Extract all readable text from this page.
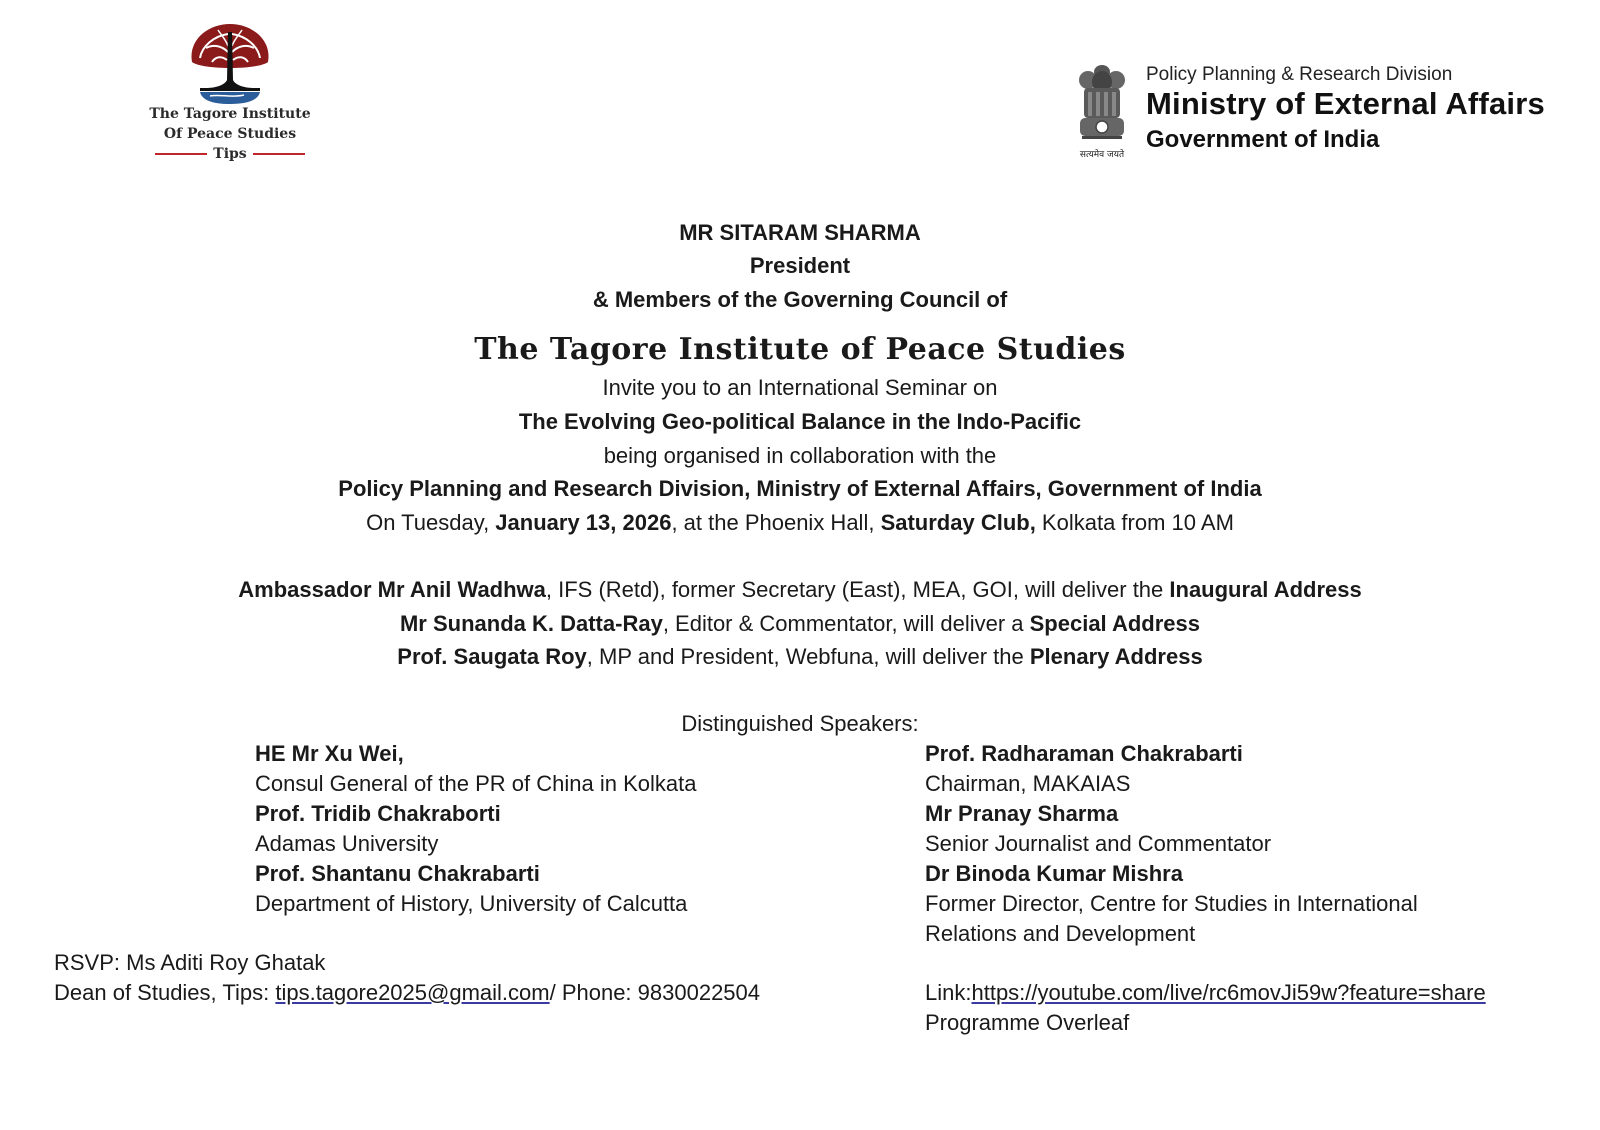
The Tagore Institute
Of Peace Studies
Tips	सत्यमेव जयते
Policy Planning & Research Division
Ministry of External Affairs
Government of India
MR SITARAM SHARMA
President
& Members of the Governing Council of
The Tagore Institute of Peace Studies
Invite you to an International Seminar on
The Evolving Geo-political Balance in the Indo-Pacific
being organised in collaboration with the
Policy Planning and Research Division, Ministry of External Affairs, Government of India
On Tuesday, January 13, 2026, at the Phoenix Hall, Saturday Club, Kolkata from 10 AM
Ambassador Mr Anil Wadhwa, IFS (Retd), former Secretary (East), MEA, GOI, will deliver the Inaugural Address
Mr Sunanda K. Datta-Ray, Editor & Commentator, will deliver a Special Address
Prof. Saugata Roy, MP and President, Webfuna, will deliver the Plenary Address
Distinguished Speakers:
HE Mr Xu Wei,
Consul General of the PR of China in Kolkata
Prof. Tridib Chakraborti
Adamas University
Prof. Shantanu Chakrabarti
Department of History, University of Calcutta
Prof. Radharaman Chakrabarti
Chairman, MAKAIAS
Mr Pranay Sharma
Senior Journalist and Commentator
Dr Binoda Kumar Mishra
Former Director, Centre for Studies in International
Relations and Development
RSVP: Ms Aditi Roy Ghatak
Dean of Studies, Tips: tips.tagore2025@gmail.com/ Phone: 9830022504	Link:https://youtube.com/live/rc6movJi59w?feature=share
Programme Overleaf
